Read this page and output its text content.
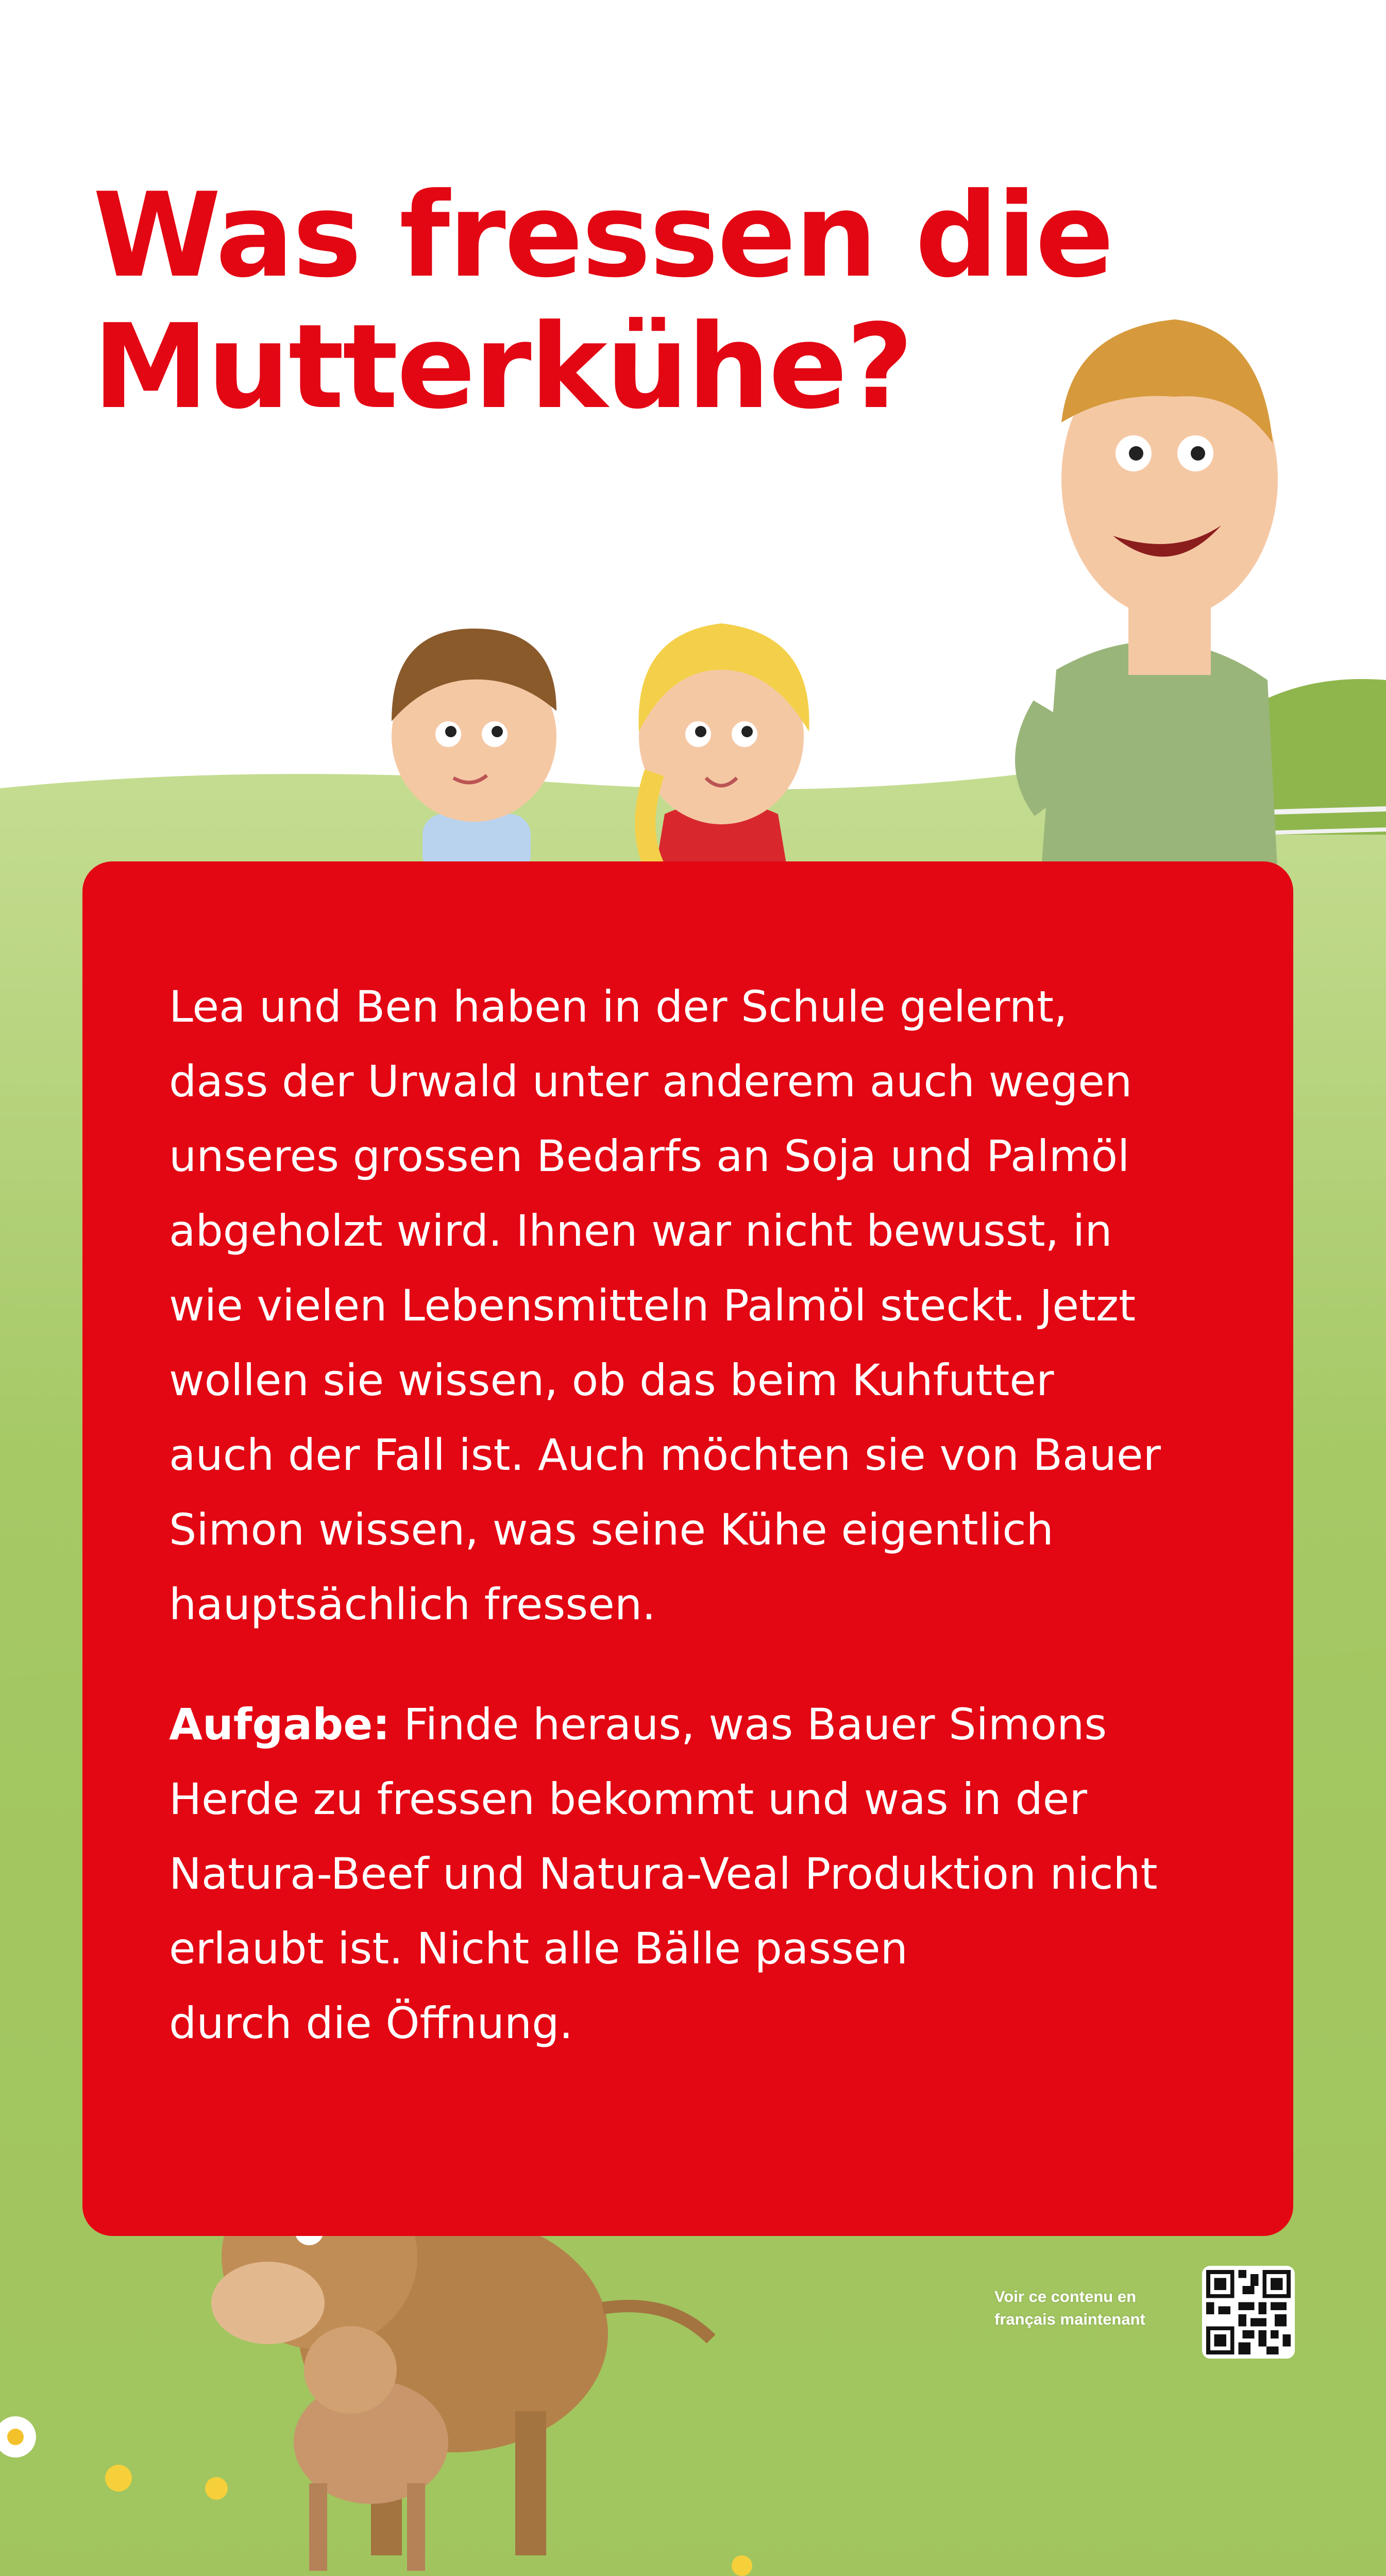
Was fressen die
Mutterkühe?

Lea und Ben haben in der Schule gelernt,
dass der Urwald unter anderem auch wegen
unseres grossen Bedarfs an Soja und Palmöl
abgeholzt wird. Ihnen war nicht bewusst, in
wie vielen Lebensmitteln Palmöl steckt. Jetzt
wollen sie wissen, ob das beim Kuhfutter
auch der Fall ist. Auch möchten sie von Bauer
Simon wissen, was seine Kühe eigentlich
hauptsächlich fressen.

Aufgabe: Finde heraus, was Bauer Simons
Herde zu fressen bekommt und was in der
Natura-Beef und Natura-Veal Produktion nicht
erlaubt ist. Nicht alle Bälle passen
durch die Öffnung.

Voir ce contenu en
français maintenant
